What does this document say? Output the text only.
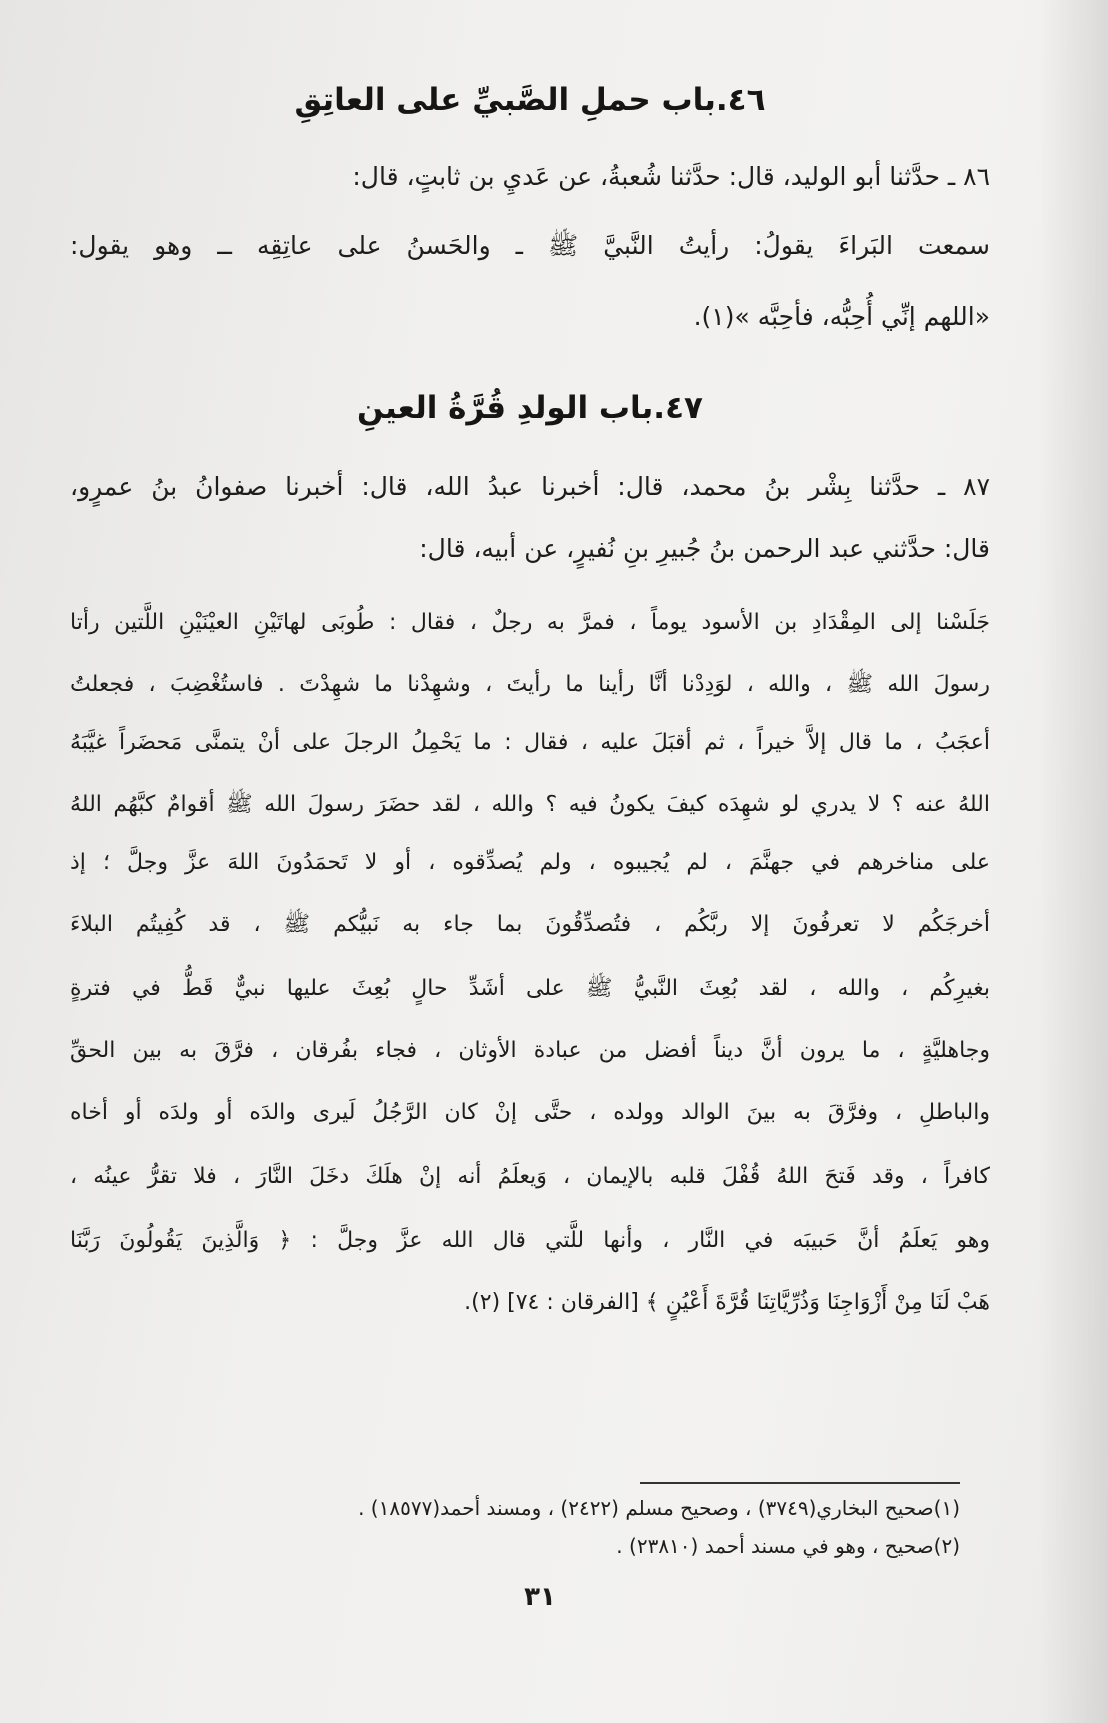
٤٦.باب حملِ الصَّبيِّ على العاتِقِ
٨٦ ـ حدَّثنا أبو الوليد، قال: حدَّثنا شُعبةُ، عن عَديِ بن ثابتٍ، قال:
سمعت البَراءَ يقولُ: رأيتُ النَّبيَّ ﷺ ـ والحَسنُ على عاتِقِه ــ وهو يقول:
«اللهم إنِّي أُحِبُّه، فأحِبَّه »(١).
٤٧.باب الولدِ قُرَّةُ العينِ
٨٧ ـ حدَّثنا بِشْر بنُ محمد، قال: أخبرنا عبدُ الله، قال: أخبرنا صفوانُ بنُ عمرٍو،
قال: حدَّثني عبد الرحمن بنُ جُبيرِ بنِ نُفيرٍ، عن أبيه، قال:
جَلَسْنا إلى المِقْدَادِ بن الأسود يوماً ، فمرَّ به رجلٌ ، فقال : طُوبَى لهاتَيْنِ العيْنَيْنِ اللَّتين رأتا
رسولَ الله ﷺ ، والله ، لوَدِدْنا أنَّا رأينا ما رأيتَ ، وشهِدْنا ما شهِدْتَ . فاستُغْضِبَ ، فجعلتُ
أعجَبُ ، ما قال إلاَّ خيراً ، ثم أقبَلَ عليه ، فقال : ما يَحْمِلُ الرجلَ على أنْ يتمنَّى مَحضَراً غيَّبَهُ
اللهُ عنه ؟ لا يدري لو شهِدَه كيفَ يكونُ فيه ؟ والله ، لقد حضَرَ رسولَ الله ﷺ أقوامٌ كبَّهُم اللهُ
على مناخرهم في جهنَّمَ ، لم يُجيبوه ، ولم يُصدِّقوه ، أو لا تَحمَدُونَ اللهَ عزَّ وجلَّ ؛ إذ
أخرجَكُم لا تعرفُونَ إلا ربَّكُم ، فتُصدِّقُونَ بما جاء به نَبيُّكم ﷺ ، قد كُفِيتُم البلاءَ
بغيرِكُم ، والله ، لقد بُعِثَ النَّبيُّ ﷺ على أشَدِّ حالٍ بُعِثَ عليها نبيٌّ قَطُّ في فترةٍ
وجاهليَّةٍ ، ما يرون أنَّ ديناً أفضل من عبادة الأوثان ، فجاء بفُرقان ، فرَّقَ به بين الحقِّ
والباطلِ ، وفرَّقَ به بينَ الوالد وولده ، حتَّى إنْ كان الرَّجُلُ لَيرى والدَه أو ولدَه أو أخاه
كافراً ، وقد فَتحَ اللهُ قُفْلَ قلبه بالإيمان ، وَيعلَمُ أنه إنْ هلَكَ دخَلَ النَّارَ ، فلا تقرُّ عينُه ،
وهو يَعلَمُ أنَّ حَبيبَه في النَّار ، وأنها للَّتي قال الله عزَّ وجلَّ : ﴿ وَالَّذِينَ يَقُولُونَ رَبَّنَا
هَبْ لَنَا مِنْ أَزْوَاجِنَا وَذُرِّيَّاتِنَا قُرَّةَ أَعْيُنٍ ﴾ [الفرقان : ٧٤] (٢).
(١)صحيح البخاري(٣٧٤٩) ، وصحيح مسلم (٢٤٢٢) ، ومسند أحمد(١٨٥٧٧) .
(٢)صحيح ، وهو في مسند أحمد (٢٣٨١٠) .
٣١
